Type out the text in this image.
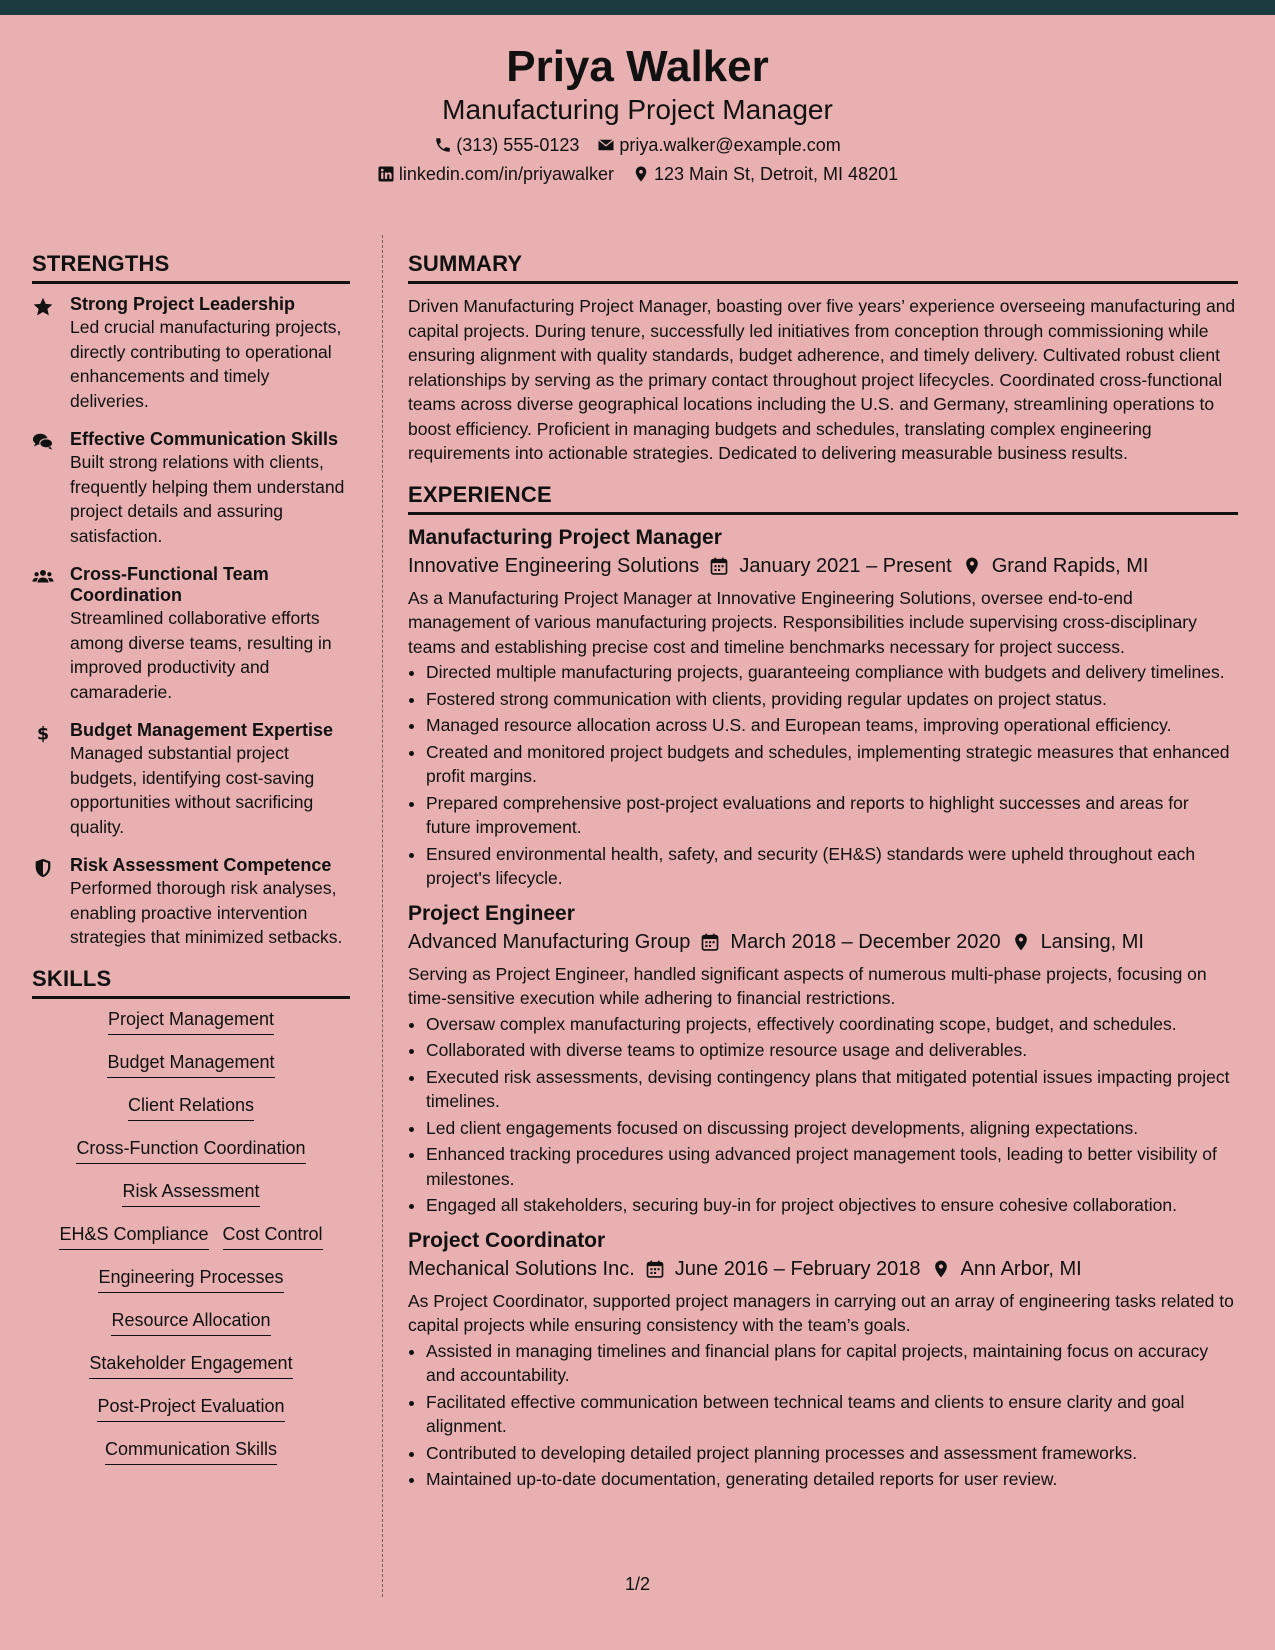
Priya Walker
Manufacturing Project Manager
(313) 555-0123 priya.walker@example.com
linkedin.com/in/priyawalker 123 Main St, Detroit, MI 48201
STRENGTHS
Strong Project Leadership
Led crucial manufacturing projects, directly contributing to operational enhancements and timely deliveries.
Effective Communication Skills
Built strong relations with clients, frequently helping them understand project details and assuring satisfaction.
Cross-Functional Team Coordination
Streamlined collaborative efforts among diverse teams, resulting in improved productivity and camaraderie.
$ Budget Management Expertise
Managed substantial project budgets, identifying cost-saving opportunities without sacrificing quality.
Risk Assessment Competence
Performed thorough risk analyses, enabling proactive intervention strategies that minimized setbacks.
SKILLS
Project Management
Budget Management
Client Relations
Cross-Function Coordination
Risk Assessment
EH&S Compliance Cost Control
Engineering Processes
Resource Allocation
Stakeholder Engagement
Post-Project Evaluation
Communication Skills
SUMMARY

Driven Manufacturing Project Manager, boasting over five years’ experience overseeing manufacturing and capital projects. During tenure, successfully led initiatives from conception through commissioning while ensuring alignment with quality standards, budget adherence, and timely delivery. Cultivated robust client relationships by serving as the primary contact throughout project lifecycles. Coordinated cross-functional teams across diverse geographical locations including the U.S. and Germany, streamlining operations to boost efficiency. Proficient in managing budgets and schedules, translating complex engineering requirements into actionable strategies. Dedicated to delivering measurable business results.

EXPERIENCE
Manufacturing Project Manager
Innovative Engineering Solutions January 2021 – Present Grand Rapids, MI
As a Manufacturing Project Manager at Innovative Engineering Solutions, oversee end-to-end management of various manufacturing projects. Responsibilities include supervising cross-disciplinary teams and establishing precise cost and timeline benchmarks necessary for project success.
• Directed multiple manufacturing projects, guaranteeing compliance with budgets and delivery timelines.
• Fostered strong communication with clients, providing regular updates on project status.
• Managed resource allocation across U.S. and European teams, improving operational efficiency.
• Created and monitored project budgets and schedules, implementing strategic measures that enhanced profit margins.
• Prepared comprehensive post-project evaluations and reports to highlight successes and areas for future improvement.
• Ensured environmental health, safety, and security (EH&S) standards were upheld throughout each project's lifecycle.
Project Engineer
Advanced Manufacturing Group March 2018 – December 2020 Lansing, MI
Serving as Project Engineer, handled significant aspects of numerous multi-phase projects, focusing on time-sensitive execution while adhering to financial restrictions.
• Oversaw complex manufacturing projects, effectively coordinating scope, budget, and schedules.
• Collaborated with diverse teams to optimize resource usage and deliverables.
• Executed risk assessments, devising contingency plans that mitigated potential issues impacting project timelines.
• Led client engagements focused on discussing project developments, aligning expectations.
• Enhanced tracking procedures using advanced project management tools, leading to better visibility of milestones.
• Engaged all stakeholders, securing buy-in for project objectives to ensure cohesive collaboration.
Project Coordinator
Mechanical Solutions Inc. June 2016 – February 2018 Ann Arbor, MI
As Project Coordinator, supported project managers in carrying out an array of engineering tasks related to capital projects while ensuring consistency with the team’s goals.
• Assisted in managing timelines and financial plans for capital projects, maintaining focus on accuracy and accountability.
• Facilitated effective communication between technical teams and clients to ensure clarity and goal alignment.
• Contributed to developing detailed project planning processes and assessment frameworks.
• Maintained up-to-date documentation, generating detailed reports for user review.
1/2
